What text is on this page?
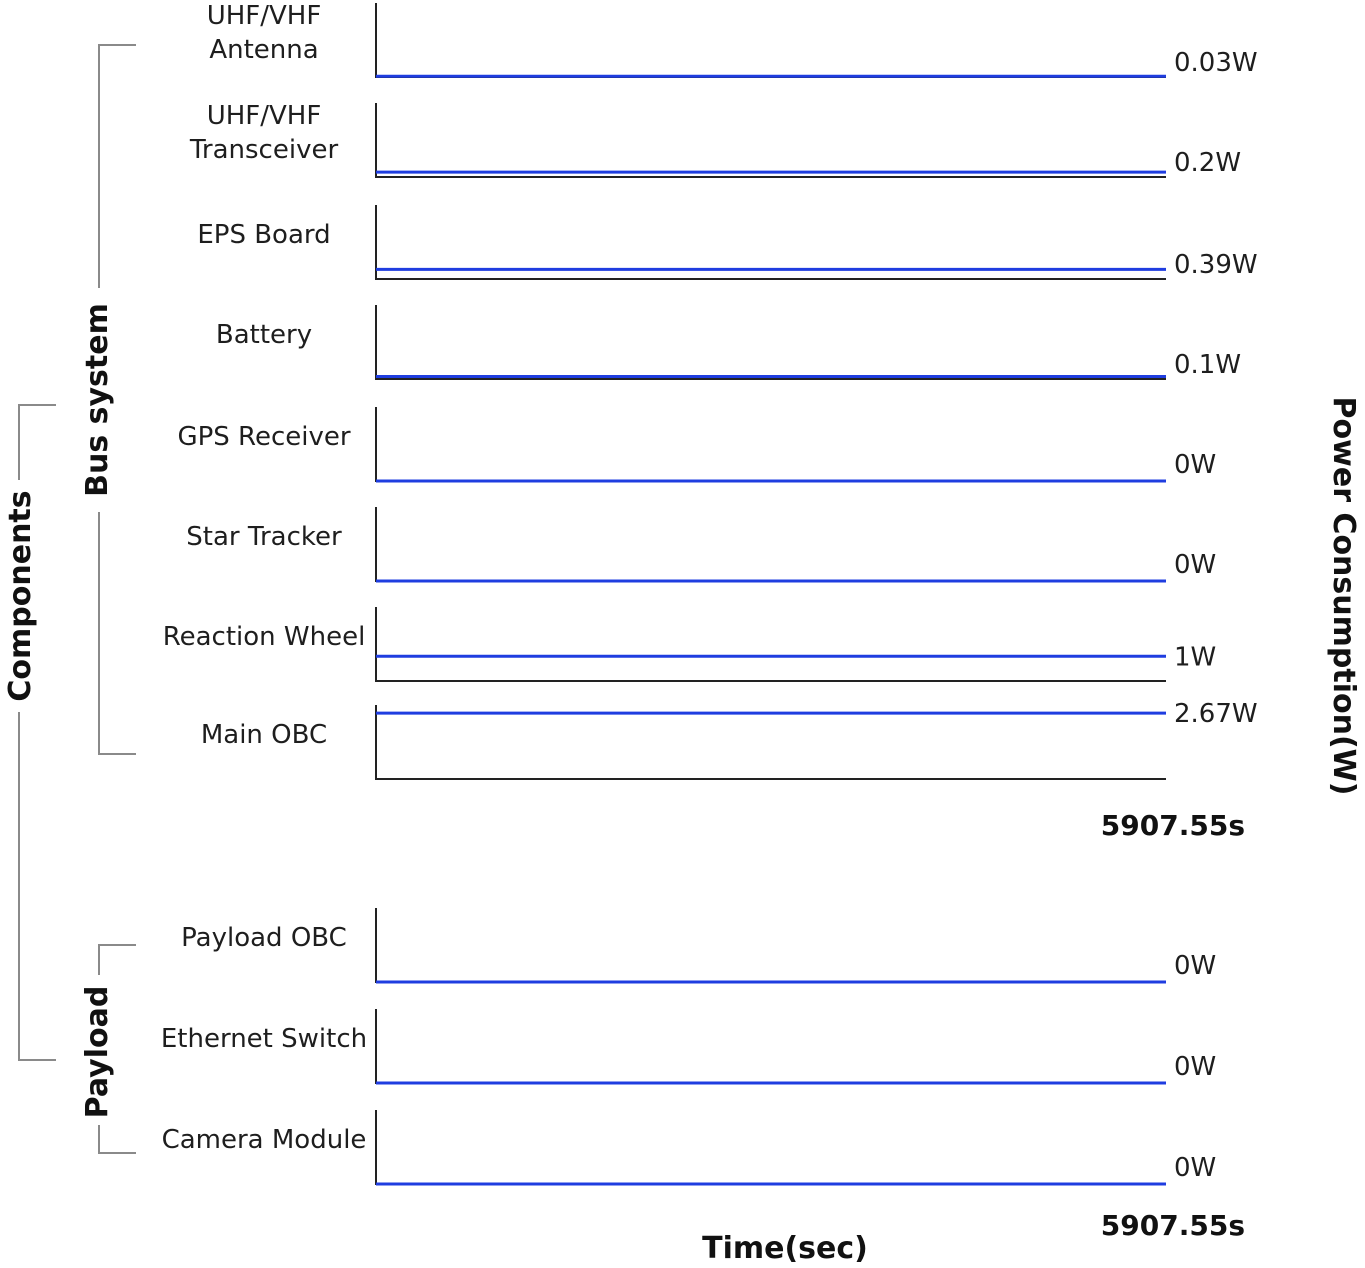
UHF/VHF
Antenna	0.03W
UHF/VHF
Transceiver	0.2W
EPS Board
0.39W
Battery
0.1W
GPS Receiver
0W
Star Tracker
0W
Reaction Wheel
1W
Main OBC
2.67W
5907.55s
Payload OBC
0W
Ethernet Switch
0W
Camera Module
0W
5907.55s
Bus system
Payload
Components
Time(sec)
Power Consumption(W)
